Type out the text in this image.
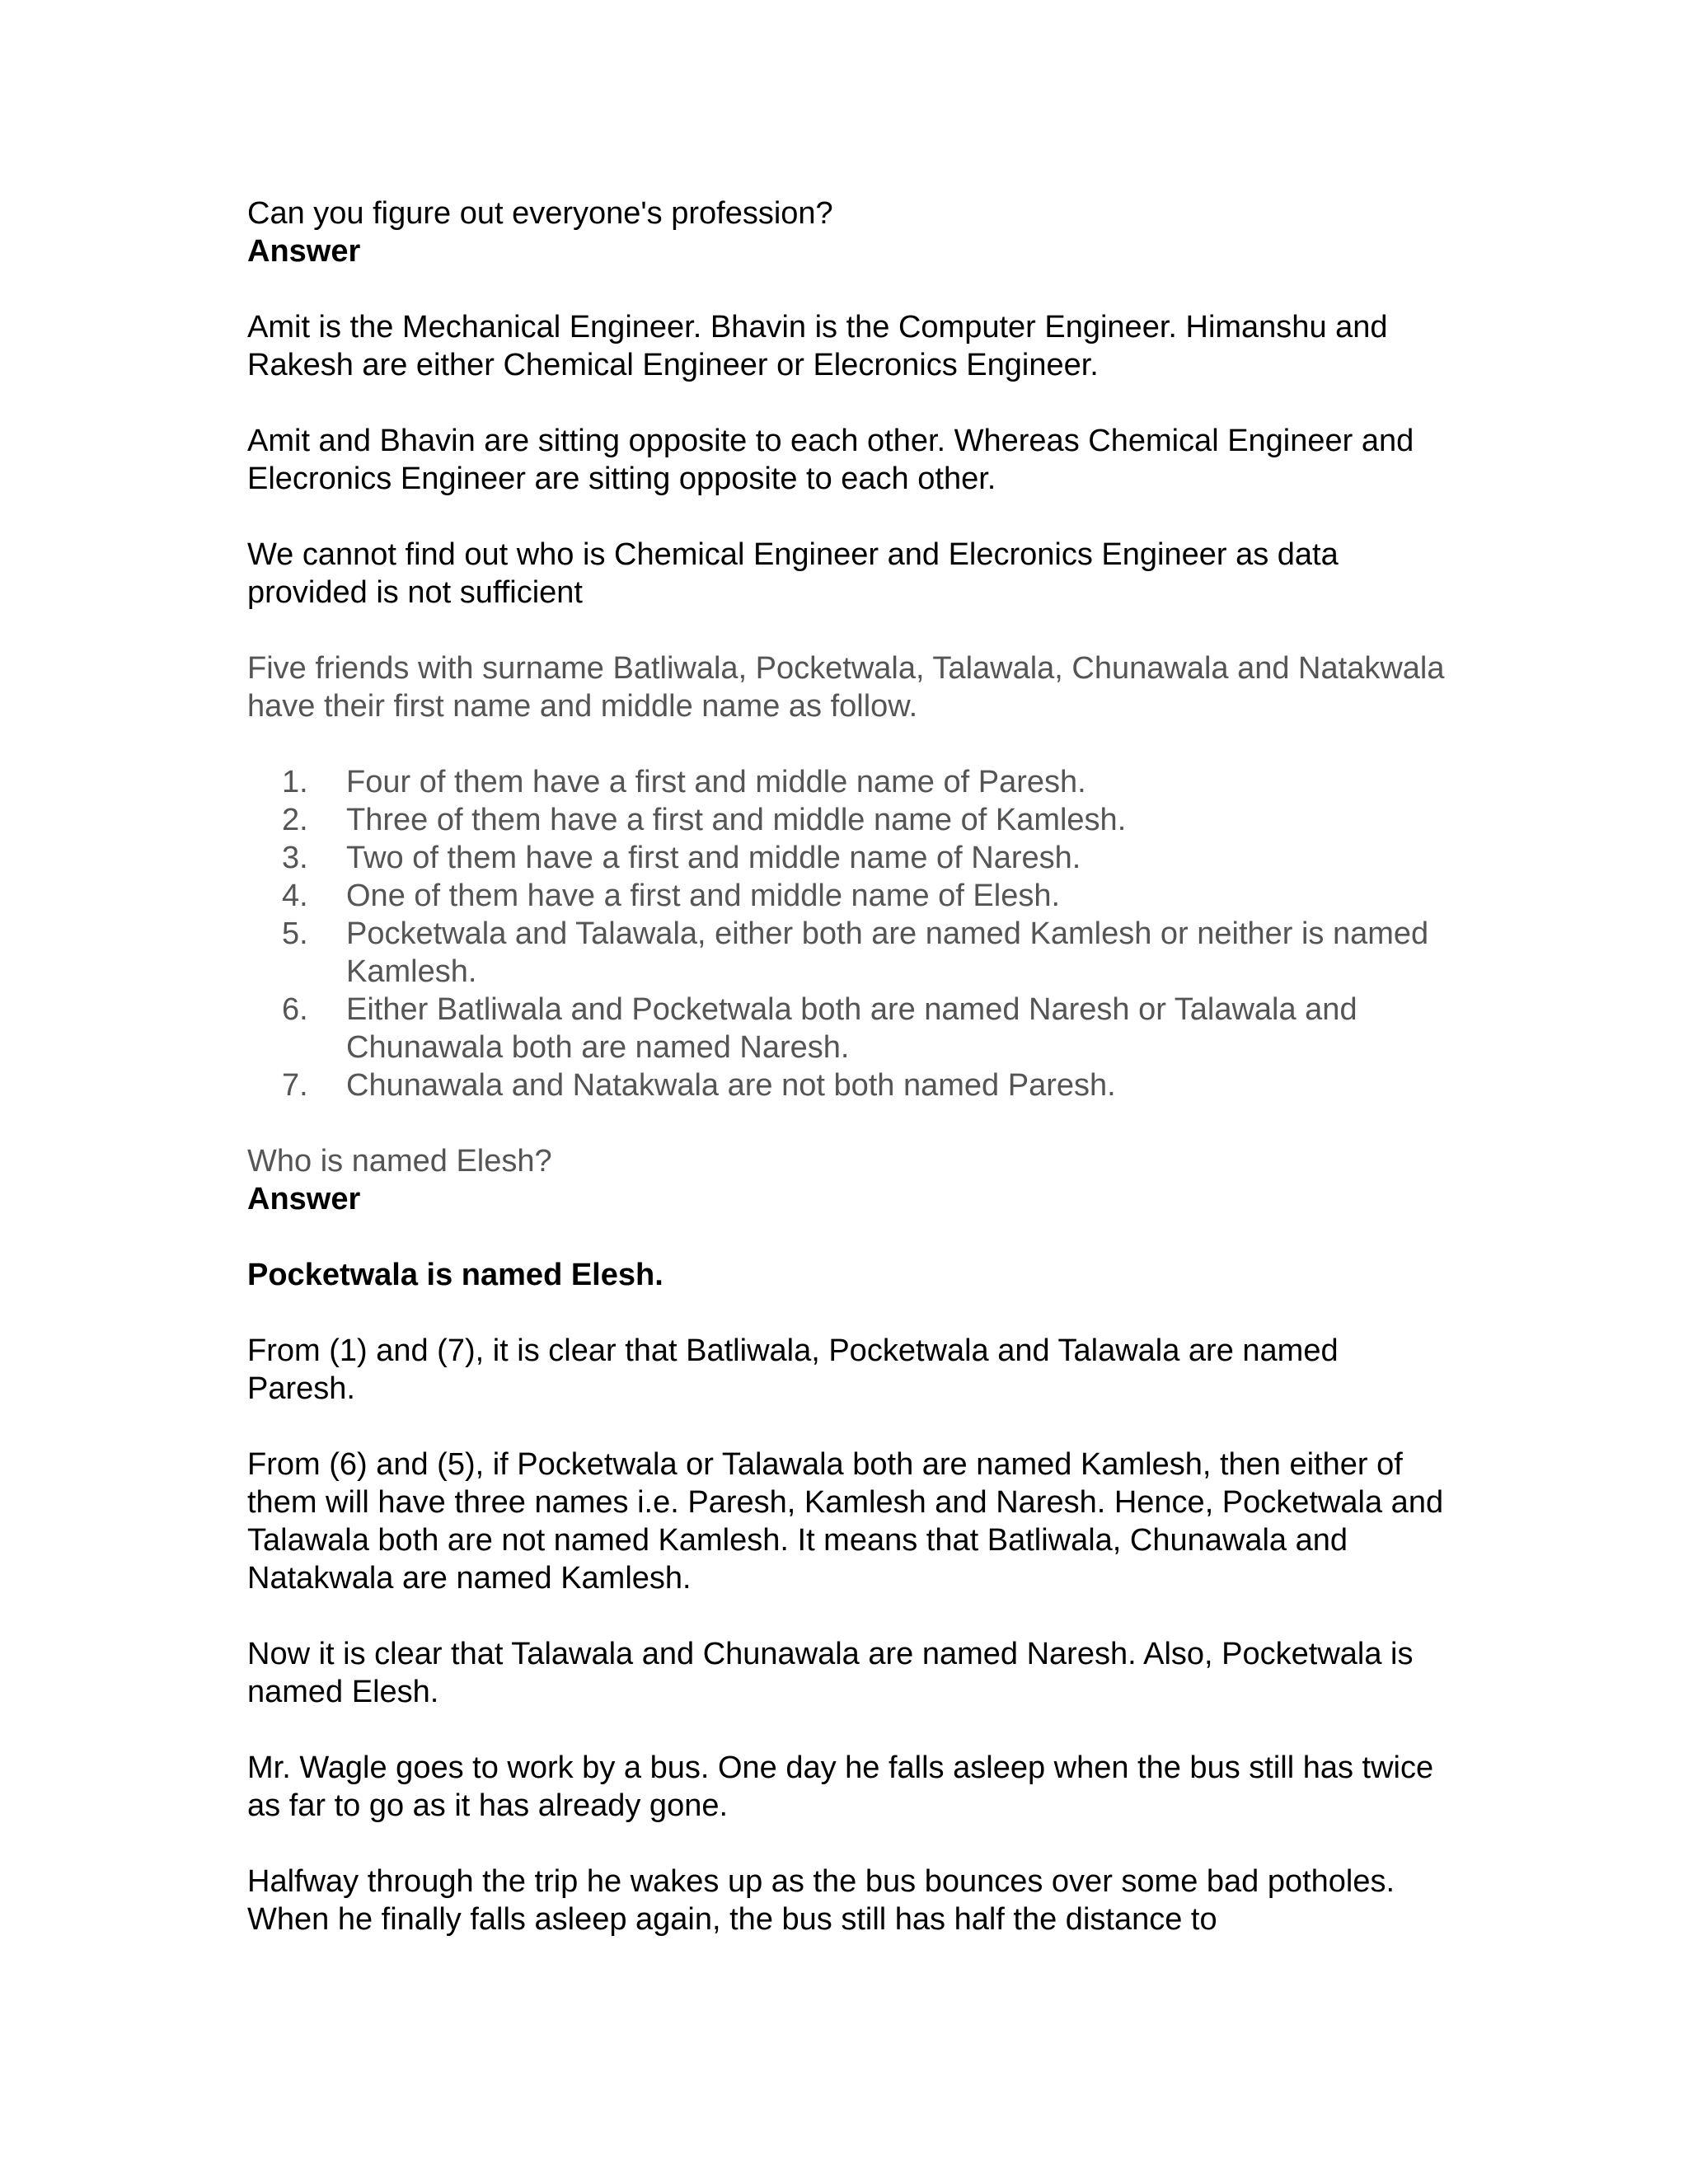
Can you figure out everyone's profession?

Answer

Amit is the Mechanical Engineer. Bhavin is the Computer Engineer. Himanshu and Rakesh are either Chemical Engineer or Elecronics Engineer.

Amit and Bhavin are sitting opposite to each other. Whereas Chemical Engineer and Elecronics Engineer are sitting opposite to each other.

We cannot find out who is Chemical Engineer and Elecronics Engineer as data provided is not sufficient

Five friends with surname Batliwala, Pocketwala, Talawala, Chunawala and Natakwala have their first name and middle name as follow.

1.	Four of them have a first and middle name of Paresh.
2.	Three of them have a first and middle name of Kamlesh.
3.	Two of them have a first and middle name of Naresh.
4.	One of them have a first and middle name of Elesh.
5.	Pocketwala and Talawala, either both are named Kamlesh or neither is named Kamlesh.
6.	Either Batliwala and Pocketwala both are named Naresh or Talawala and Chunawala both are named Naresh.
7.	Chunawala and Natakwala are not both named Paresh.

Who is named Elesh?

Answer

Pocketwala is named Elesh.

From (1) and (7), it is clear that Batliwala, Pocketwala and Talawala are named Paresh.

From (6) and (5), if Pocketwala or Talawala both are named Kamlesh, then either of them will have three names i.e. Paresh, Kamlesh and Naresh. Hence, Pocketwala and Talawala both are not named Kamlesh. It means that Batliwala, Chunawala and Natakwala are named Kamlesh.

Now it is clear that Talawala and Chunawala are named Naresh. Also, Pocketwala is named Elesh.

Mr. Wagle goes to work by a bus. One day he falls asleep when the bus still has twice as far to go as it has already gone.

Halfway through the trip he wakes up as the bus bounces over some bad potholes. When he finally falls asleep again, the bus still has half the distance to
